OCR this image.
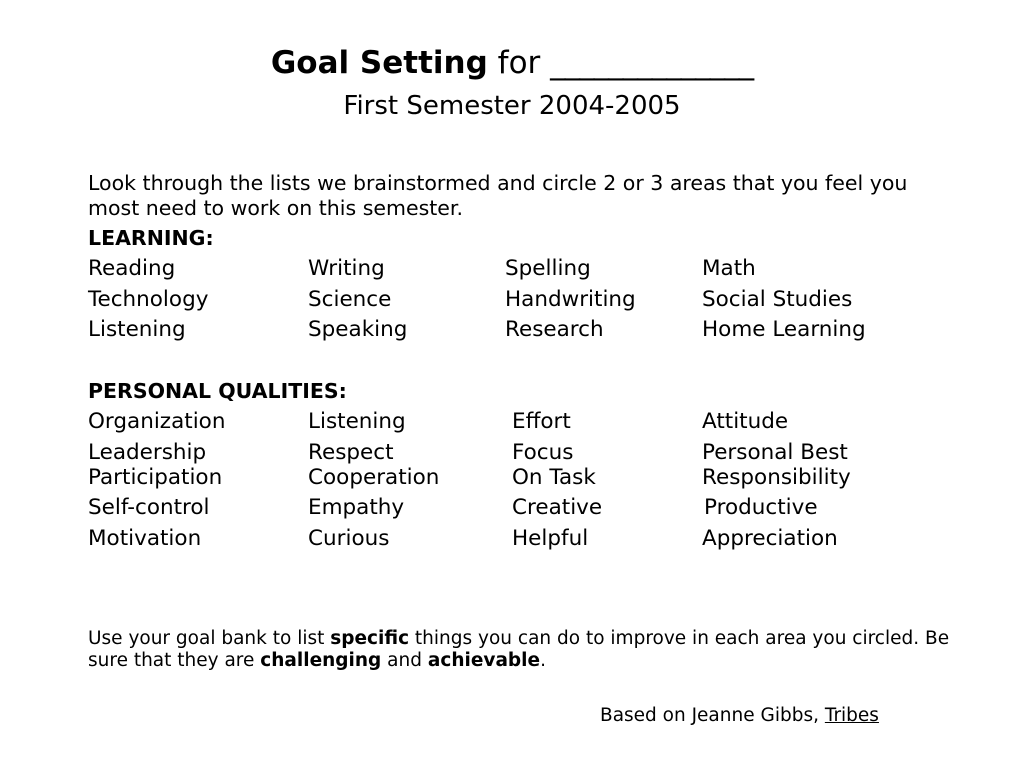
Goal Setting for ______________
First Semester 2004-2005
Look through the lists we brainstormed and circle 2 or 3 areas that you feel you most need to work on this semester.
LEARNING:
Reading	Writing	Spelling	Math
Technology	Science	Handwriting	Social Studies
Listening	Speaking	Research	Home Learning
PERSONAL QUALITIES:
Organization	Listening	Effort	Attitude
Leadership	Respect	Focus	Personal Best
Participation	Cooperation	On Task	Responsibility
Self-control	Empathy	Creative	Productive
Motivation	Curious	Helpful	Appreciation
Use your goal bank to list specific things you can do to improve in each area you circled. Be sure that they are challenging and achievable.
Based on Jeanne Gibbs, Tribes
